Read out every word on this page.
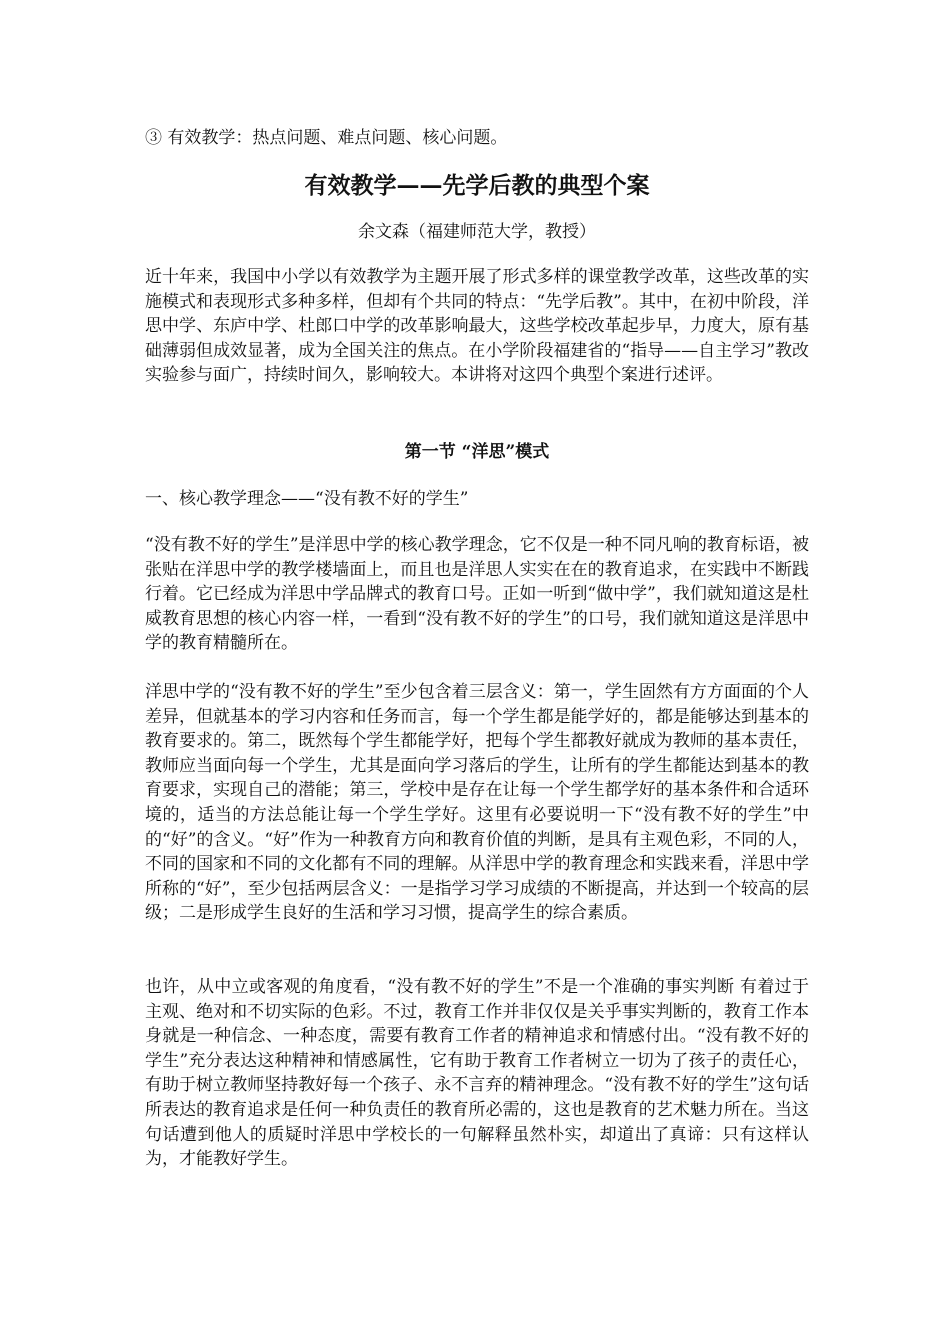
③ 有效教学：热点问题、难点问题、核心问题。
有效教学——先学后教的典型个案
余文森（福建师范大学，教授）
近十年来，我国中小学以有效教学为主题开展了形式多样的课堂教学改革，这些改革的实施模式和表现形式多种多样，但却有个共同的特点：“先学后教”。其中，在初中阶段，洋思中学、东庐中学、杜郎口中学的改革影响最大，这些学校改革起步早，力度大，原有基础薄弱但成效显著，成为全国关注的焦点。在小学阶段福建省的“指导——自主学习”教改实验参与面广，持续时间久，影响较大。本讲将对这四个典型个案进行述评。
第一节 “洋思”模式
一、核心教学理念——“没有教不好的学生”
“没有教不好的学生”是洋思中学的核心教学理念，它不仅是一种不同凡响的教育标语，被张贴在洋思中学的教学楼墙面上，而且也是洋思人实实在在的教育追求，在实践中不断践行着。它已经成为洋思中学品牌式的教育口号。正如一听到“做中学”，我们就知道这是杜威教育思想的核心内容一样，一看到“没有教不好的学生”的口号，我们就知道这是洋思中学的教育精髓所在。
洋思中学的“没有教不好的学生”至少包含着三层含义：第一，学生固然有方方面面的个人差异，但就基本的学习内容和任务而言，每一个学生都是能学好的，都是能够达到基本的教育要求的。第二，既然每个学生都能学好，把每个学生都教好就成为教师的基本责任，教师应当面向每一个学生，尤其是面向学习落后的学生，让所有的学生都能达到基本的教育要求，实现自己的潜能；第三，学校中是存在让每一个学生都学好的基本条件和合适环境的，适当的方法总能让每一个学生学好。这里有必要说明一下“没有教不好的学生”中的“好”的含义。“好”作为一种教育方向和教育价值的判断，是具有主观色彩，不同的人，不同的国家和不同的文化都有不同的理解。从洋思中学的教育理念和实践来看，洋思中学所称的“好”，至少包括两层含义：一是指学习学习成绩的不断提高，并达到一个较高的层级；二是形成学生良好的生活和学习习惯，提高学生的综合素质。
也许，从中立或客观的角度看，“没有教不好的学生”不是一个准确的事实判断 有着过于主观、绝对和不切实际的色彩。不过，教育工作并非仅仅是关乎事实判断的，教育工作本身就是一种信念、一种态度，需要有教育工作者的精神追求和情感付出。“没有教不好的学生”充分表达这种精神和情感属性，它有助于教育工作者树立一切为了孩子的责任心，有助于树立教师坚持教好每一个孩子、永不言弃的精神理念。“没有教不好的学生”这句话所表达的教育追求是任何一种负责任的教育所必需的，这也是教育的艺术魅力所在。当这句话遭到他人的质疑时洋思中学校长的一句解释虽然朴实，却道出了真谛：只有这样认为，才能教好学生。
